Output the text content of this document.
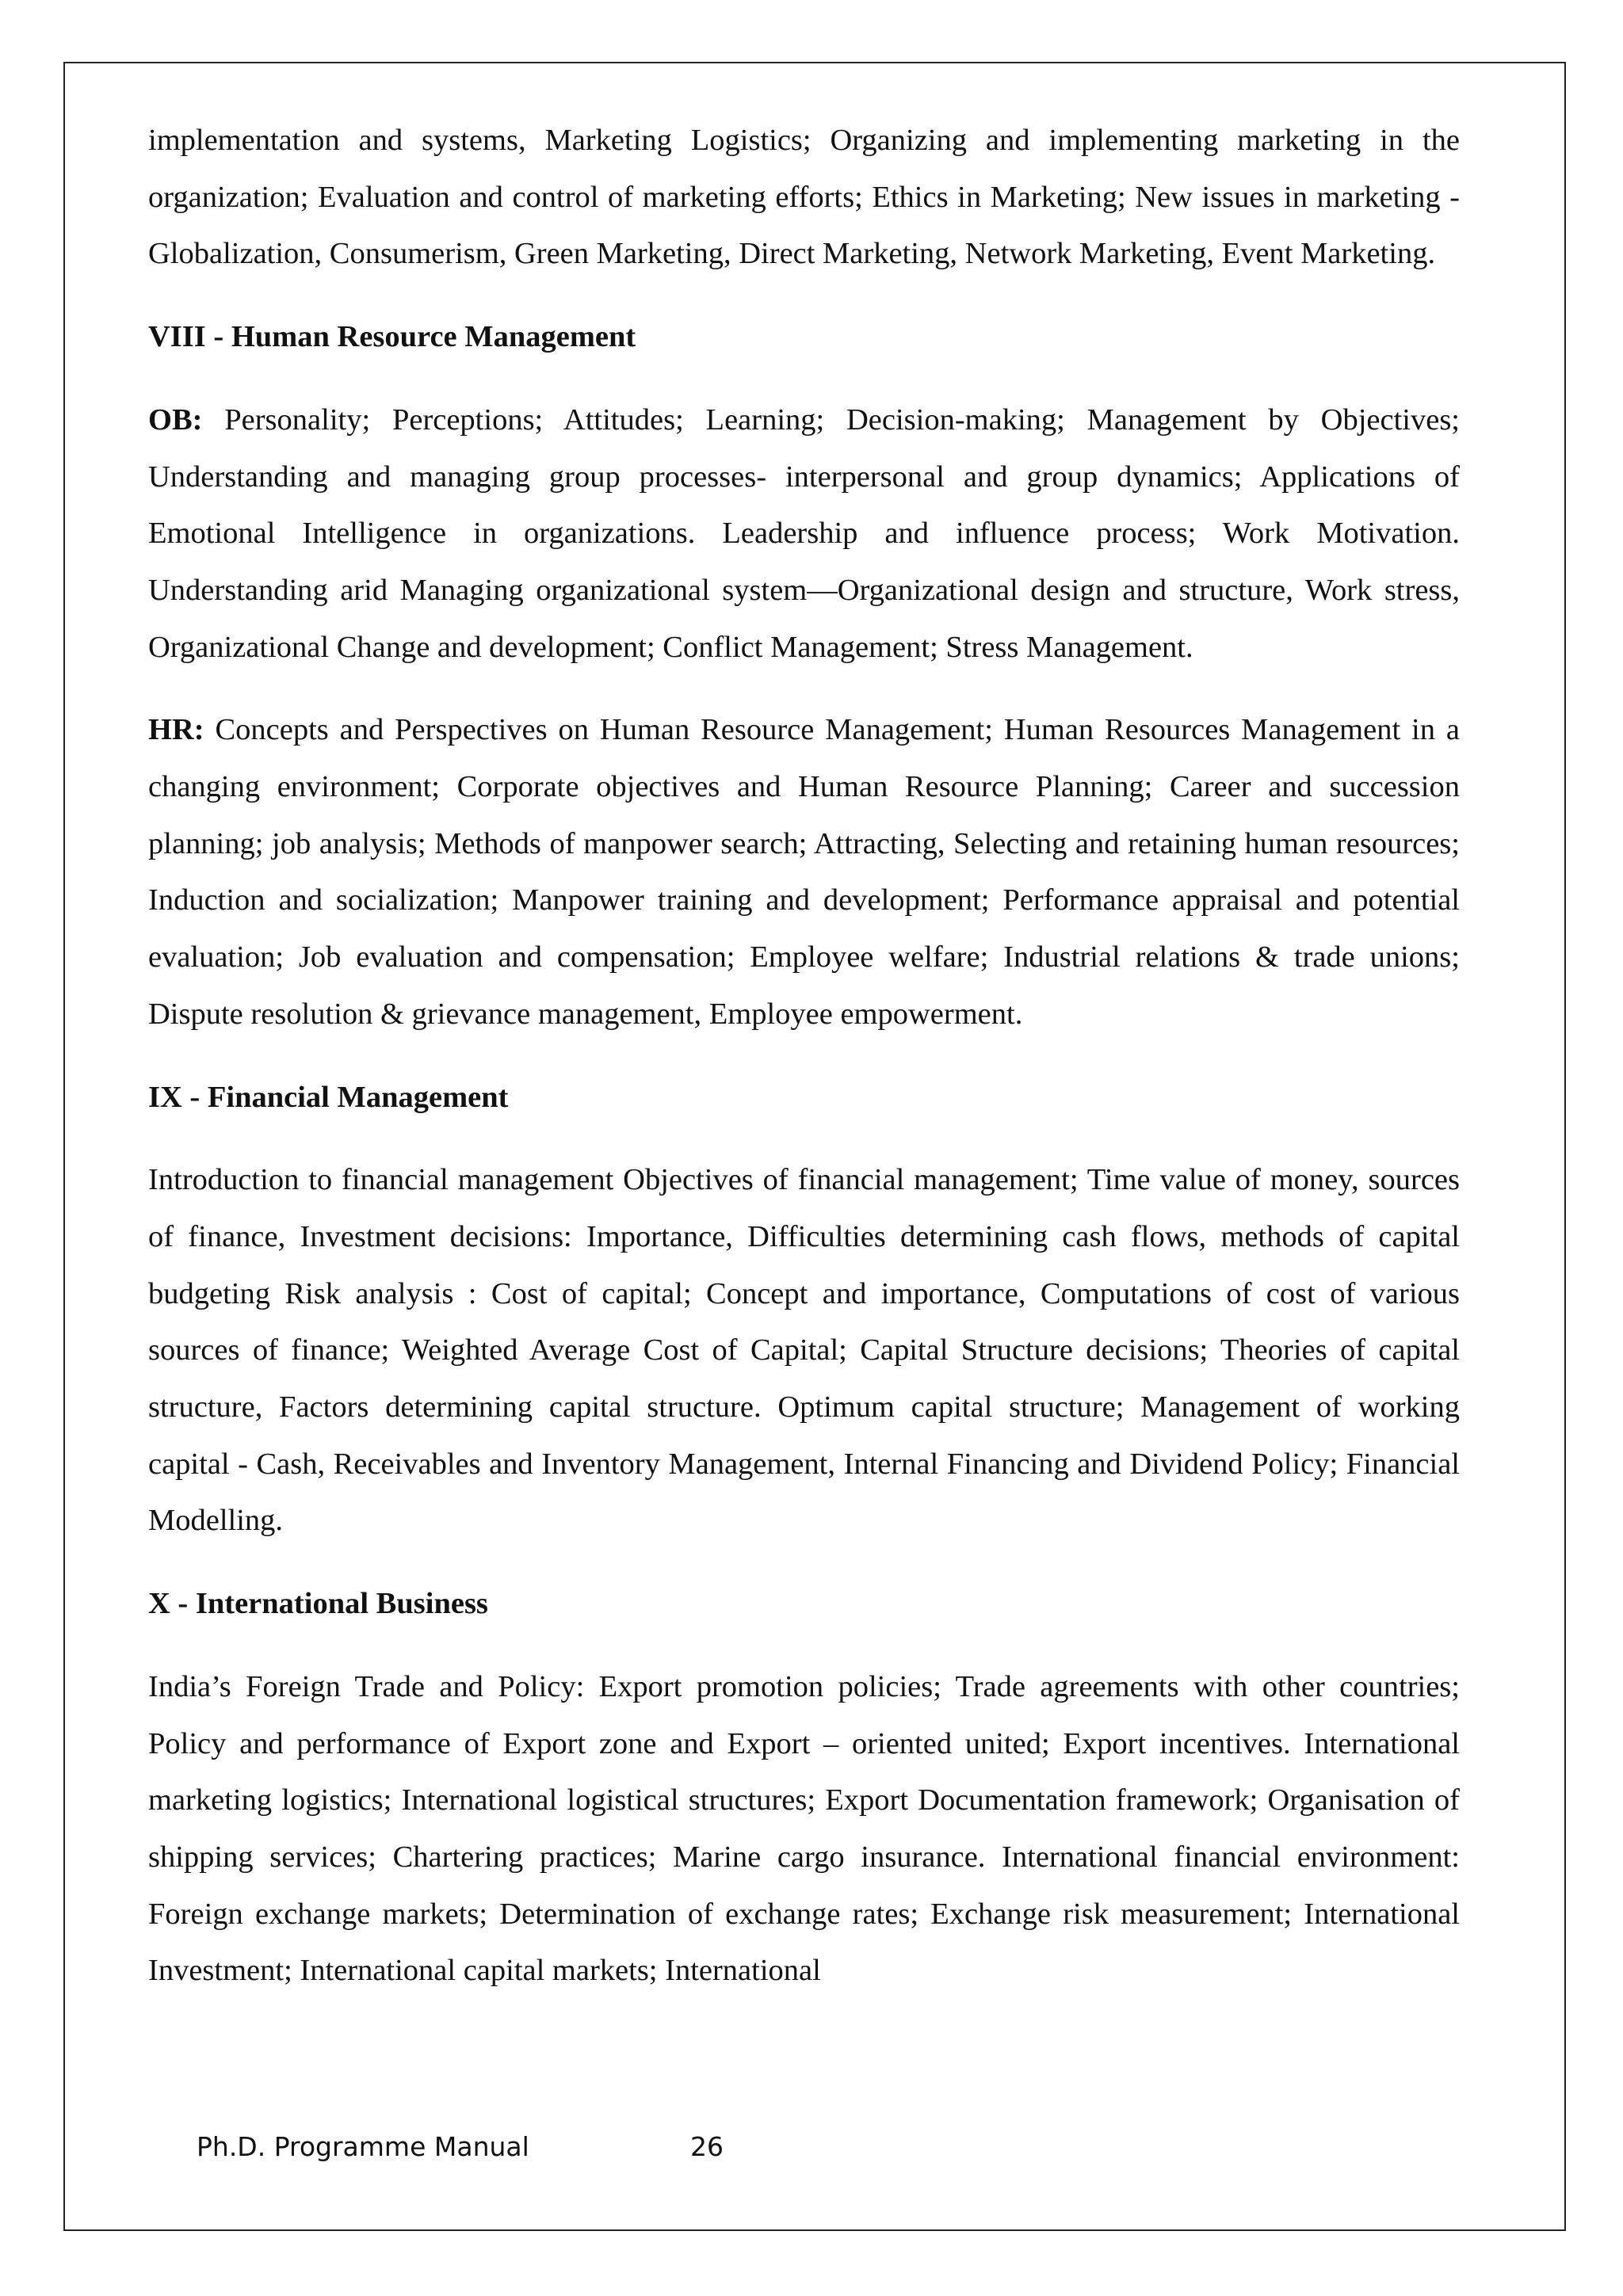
implementation and systems, Marketing Logistics; Organizing and implementing marketing in the organization; Evaluation and control of marketing efforts; Ethics in Marketing; New issues in marketing - Globalization, Consumerism, Green Marketing, Direct Marketing, Network Marketing, Event Marketing.

VIII - Human Resource Management

OB: Personality; Perceptions; Attitudes; Learning; Decision-making; Management by Objectives; Understanding and managing group processes- interpersonal and group dynamics; Applications of Emotional Intelligence in organizations. Leadership and influence process; Work Motivation. Understanding arid Managing organizational system—Organizational design and structure, Work stress, Organizational Change and development; Conflict Management; Stress Management.

HR: Concepts and Perspectives on Human Resource Management; Human Resources Management in a changing environment; Corporate objectives and Human Resource Planning; Career and succession planning; job analysis; Methods of manpower search; Attracting, Selecting and retaining human resources; Induction and socialization; Manpower training and development; Performance appraisal and potential evaluation; Job evaluation and compensation; Employee welfare; Industrial relations & trade unions; Dispute resolution & grievance management, Employee empowerment.

IX - Financial Management

Introduction to financial management Objectives of financial management; Time value of money, sources of finance, Investment decisions: Importance, Difficulties determining cash flows, methods of capital budgeting Risk analysis : Cost of capital; Concept and importance, Computations of cost of various sources of finance; Weighted Average Cost of Capital; Capital Structure decisions; Theories of capital structure, Factors determining capital structure. Optimum capital structure; Management of working capital - Cash, Receivables and Inventory Management, Internal Financing and Dividend Policy; Financial Modelling.

X - International Business

India’s Foreign Trade and Policy: Export promotion policies; Trade agreements with other countries; Policy and performance of Export zone and Export – oriented united; Export incentives. International marketing logistics; International logistical structures; Export Documentation framework; Organisation of shipping services; Chartering practices; Marine cargo insurance. International financial environment: Foreign exchange markets; Determination of exchange rates; Exchange risk measurement; International Investment; International capital markets; International

Ph.D. Programme Manual	26
